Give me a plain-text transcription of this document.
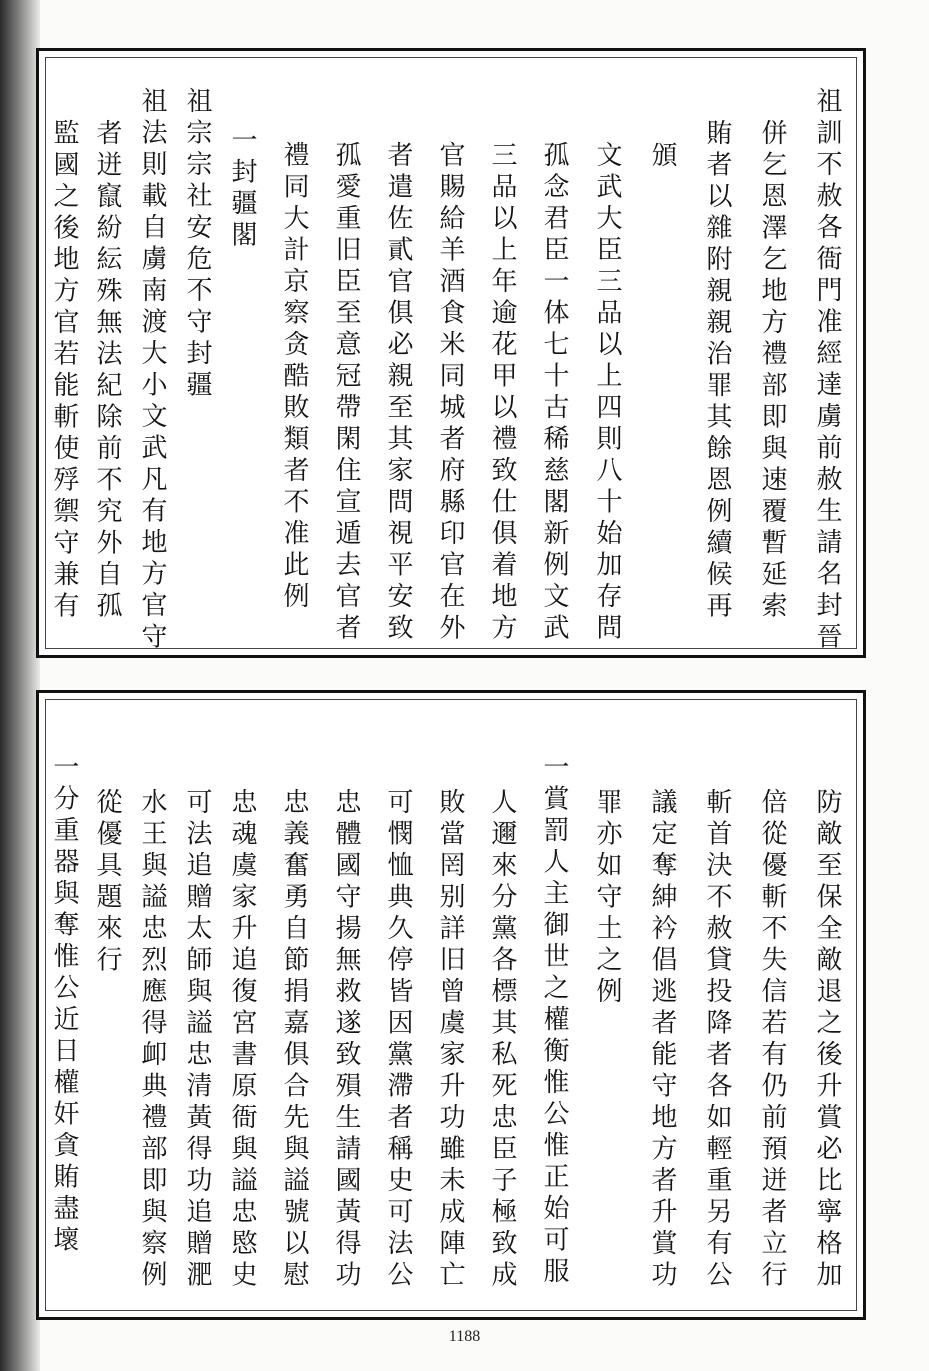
祖訓不赦各衙門准經達虜前赦生請名封晉
併乞恩澤乞地方禮部即與速覆暫延索
賄者以雜附親親治罪其餘恩例續候再
頒
文武大臣三品以上四則八十始加存問
孤念君臣一体七十古稀慈閣新例文武
三品以上年逾花甲以禮致仕俱着地方
官賜給羊酒食米同城者府縣印官在外
者遣佐貳官俱必親至其家問視平安致
孤愛重旧臣至意冠帶閑住宣遁去官者
禮同大計京察贪酷敗類者不准此例
一封疆閣
祖宗宗社安危不守封疆
祖法則載自虜南渡大小文武凡有地方官守
者迸竄紛紜殊無法紀除前不究外自孤
監國之後地方官若能斬使殍禦守兼有
防敵至保全敵退之後升賞必比寧格加
倍從優斬不失信若有仍前預迸者立行
斬首決不赦貸投降者各如輕重另有公
議定奪紳衿倡逃者能守地方者升賞功
罪亦如守土之例
一賞罰人主御世之權衡惟公惟正始可服
人邇來分黨各標其私死忠臣子極致成
敗當罔别詳旧曾虞家升功雖未成陣亡
可憫恤典久停皆因黨滯者稱史可法公
忠體國守揚無救遂致殞生請國黃得功
忠義奮勇自節捐嘉俱合先與謚號以慰
忠魂虞家升追復宮書原衙與謚忠愍史
可法追贈太師與謚忠清黃得功追贈淝
水王與謚忠烈應得卹典禮部即與察例
從優具題來行
一分重器與奪惟公近日權奸貪賄盡壞
1188
